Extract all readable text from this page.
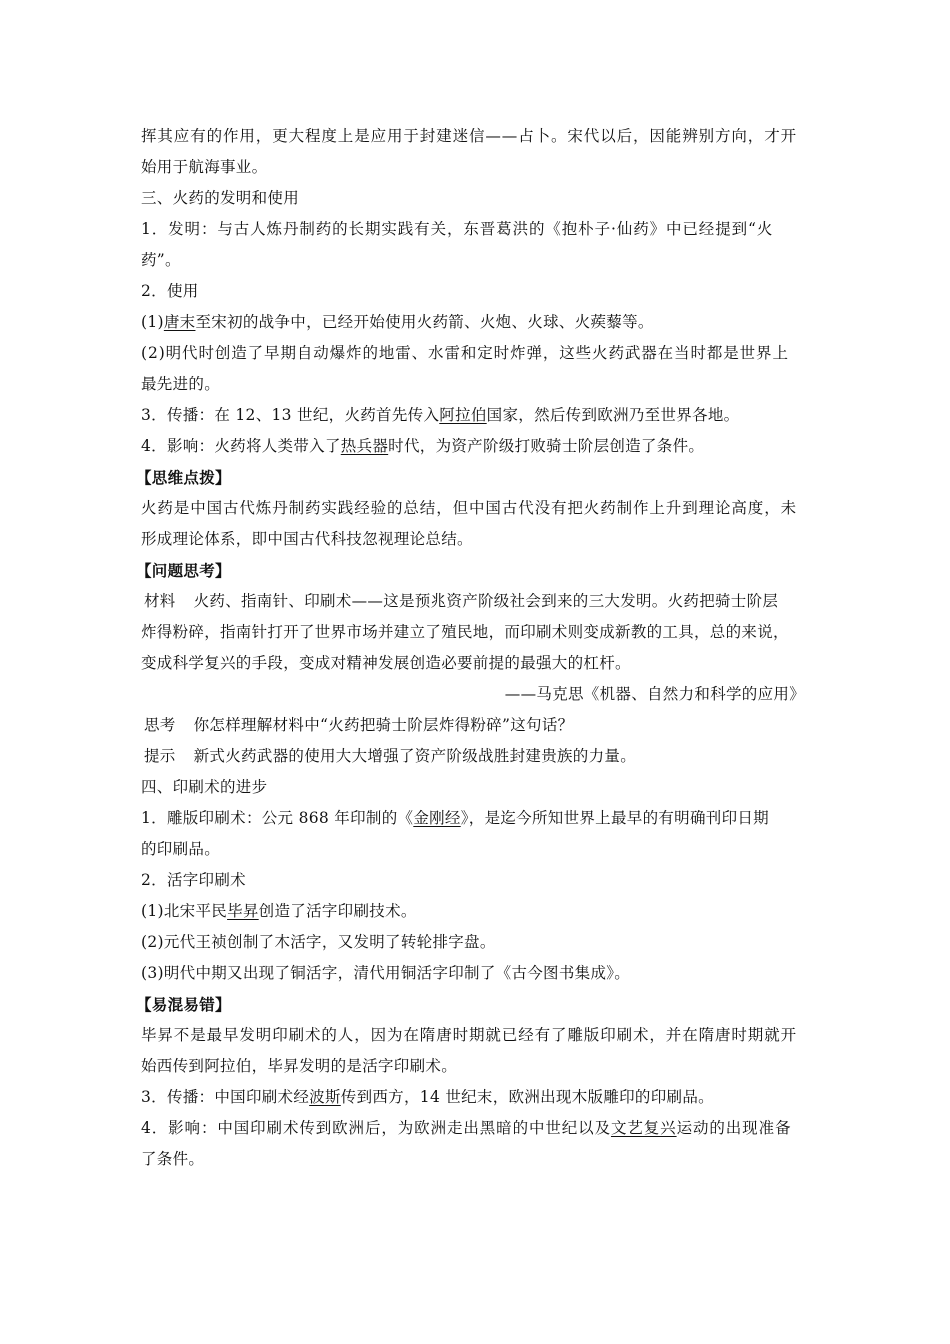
挥其应有的作用，更大程度上是应用于封建迷信——占卜。宋代以后，因能辨别方向，才开
始用于航海事业。
三、火药的发明和使用
1．发明：与古人炼丹制药的长期实践有关，东晋葛洪的《抱朴子·仙药》中已经提到“火
药”。
2．使用
(1)唐末至宋初的战争中，已经开始使用火药箭、火炮、火球、火蒺藜等。
(2)明代时创造了早期自动爆炸的地雷、水雷和定时炸弹，这些火药武器在当时都是世界上
最先进的。
3．传播：在 12、13 世纪，火药首先传入阿拉伯国家，然后传到欧洲乃至世界各地。
4．影响：火药将人类带入了热兵器时代，为资产阶级打败骑士阶层创造了条件。
【思维点拨】
火药是中国古代炼丹制药实践经验的总结，但中国古代没有把火药制作上升到理论高度，未
形成理论体系，即中国古代科技忽视理论总结。
【问题思考】
材料 火药、指南针、印刷术——这是预兆资产阶级社会到来的三大发明。火药把骑士阶层
炸得粉碎，指南针打开了世界市场并建立了殖民地，而印刷术则变成新教的工具，总的来说，
变成科学复兴的手段，变成对精神发展创造必要前提的最强大的杠杆。
——马克思《机器、自然力和科学的应用》
思考 你怎样理解材料中“火药把骑士阶层炸得粉碎”这句话？
提示 新式火药武器的使用大大增强了资产阶级战胜封建贵族的力量。
四、印刷术的进步
1．雕版印刷术：公元 868 年印制的《金刚经》，是迄今所知世界上最早的有明确刊印日期
的印刷品。
2．活字印刷术
(1)北宋平民毕昇创造了活字印刷技术。
(2)元代王祯创制了木活字，又发明了转轮排字盘。
(3)明代中期又出现了铜活字，清代用铜活字印制了《古今图书集成》。
【易混易错】
毕昇不是最早发明印刷术的人，因为在隋唐时期就已经有了雕版印刷术，并在隋唐时期就开
始西传到阿拉伯，毕昇发明的是活字印刷术。
3．传播：中国印刷术经波斯传到西方，14 世纪末，欧洲出现木版雕印的印刷品。
4．影响：中国印刷术传到欧洲后，为欧洲走出黑暗的中世纪以及文艺复兴运动的出现准备
了条件。
